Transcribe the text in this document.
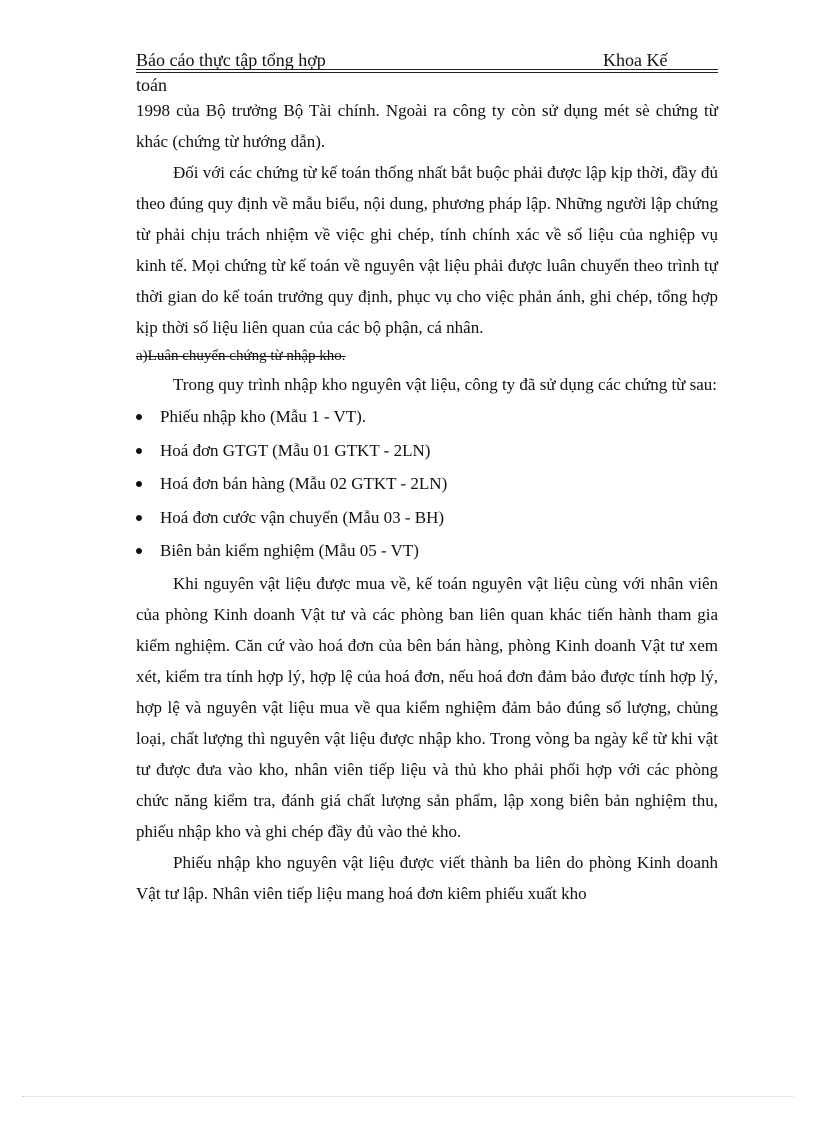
Báo cáo thực tập tổng hợp	Khoa Kế
toán

1998 của Bộ trưởng Bộ Tài chính. Ngoài ra công ty còn sử dụng mét sè chứng từ khác (chứng từ hướng dẫn).

Đối với các chứng từ kế toán thống nhất bắt buộc phải được lập kịp thời, đầy đủ theo đúng quy định về mẫu biểu, nội dung, phương pháp lập. Những người lập chứng từ phải chịu trách nhiệm về việc ghi chép, tính chính xác về số liệu của nghiệp vụ kinh tế. Mọi chứng từ kế toán về nguyên vật liệu phải được luân chuyển theo trình tự thời gian do kế toán trưởng quy định, phục vụ cho việc phản ánh, ghi chép, tổng hợp kịp thời số liệu liên quan của các bộ phận, cá nhân.

a)Luân chuyển chứng từ nhập kho.

Trong quy trình nhập kho nguyên vật liệu, công ty đã sử dụng các chứng từ sau:

Phiếu nhập kho (Mẫu 1 - VT).
Hoá đơn GTGT (Mẫu 01 GTKT - 2LN)
Hoá đơn bán hàng (Mẫu 02 GTKT - 2LN)
Hoá đơn cước vận chuyển (Mẫu 03 - BH)
Biên bản kiểm nghiệm (Mẫu 05 - VT)

Khi nguyên vật liệu được mua về, kế toán nguyên vật liệu cùng với nhân viên của phòng Kinh doanh Vật tư và các phòng ban liên quan khác tiến hành tham gia kiểm nghiệm. Căn cứ vào hoá đơn của bên bán hàng, phòng Kinh doanh Vật tư xem xét, kiểm tra tính hợp lý, hợp lệ của hoá đơn, nếu hoá đơn đảm bảo được tính hợp lý, hợp lệ và nguyên vật liệu mua về qua kiểm nghiệm đảm bảo đúng số lượng, chủng loại, chất lượng thì nguyên vật liệu được nhập kho. Trong vòng ba ngày kể từ khi vật tư được đưa vào kho, nhân viên tiếp liệu và thủ kho phải phối hợp với các phòng chức năng kiểm tra, đánh giá chất lượng sản phẩm, lập xong biên bản nghiệm thu, phiếu nhập kho và ghi chép đầy đủ vào thẻ kho.

Phiếu nhập kho nguyên vật liệu được viết thành ba liên do phòng Kinh doanh Vật tư lập. Nhân viên tiếp liệu mang hoá đơn kiêm phiếu xuất kho
